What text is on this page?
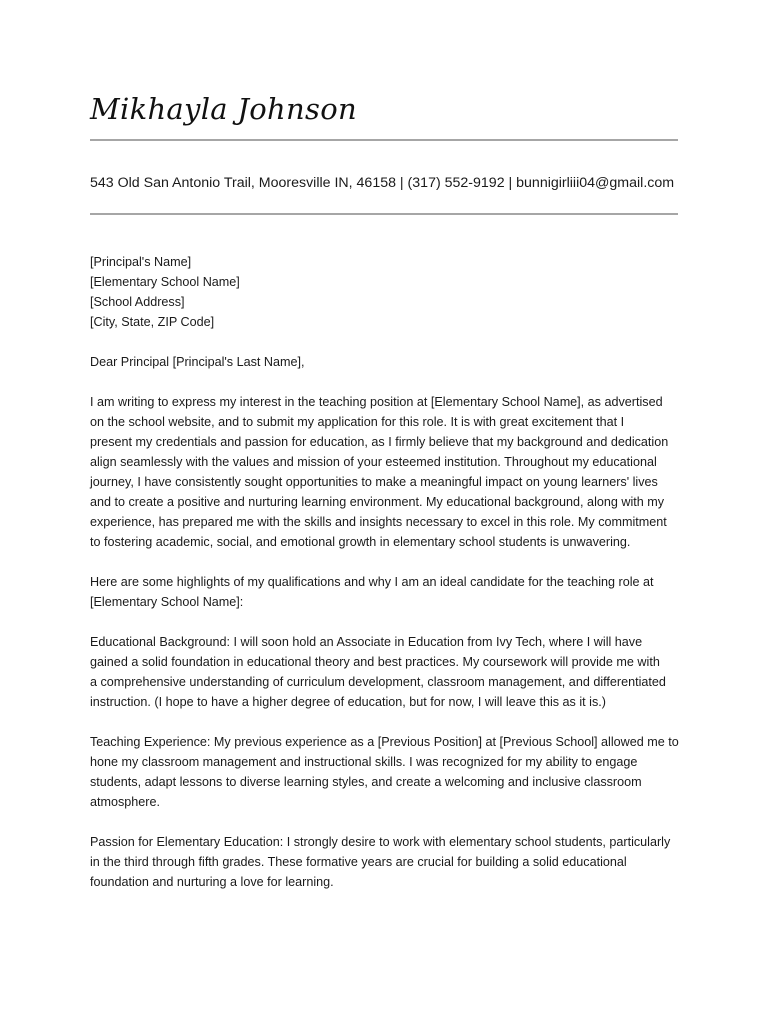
Mikhayla Johnson
543 Old San Antonio Trail, Mooresville IN, 46158 | (317) 552-9192 | bunnigirliii04@gmail.com
[Principal's Name]
[Elementary School Name]
[School Address]
[City, State, ZIP Code]
Dear Principal [Principal's Last Name],
I am writing to express my interest in the teaching position at [Elementary School Name], as advertised
on the school website, and to submit my application for this role. It is with great excitement that I
present my credentials and passion for education, as I firmly believe that my background and dedication
align seamlessly with the values and mission of your esteemed institution. Throughout my educational
journey, I have consistently sought opportunities to make a meaningful impact on young learners' lives
and to create a positive and nurturing learning environment. My educational background, along with my
experience, has prepared me with the skills and insights necessary to excel in this role. My commitment
to fostering academic, social, and emotional growth in elementary school students is unwavering.
Here are some highlights of my qualifications and why I am an ideal candidate for the teaching role at
[Elementary School Name]:
Educational Background: I will soon hold an Associate in Education from Ivy Tech, where I will have
gained a solid foundation in educational theory and best practices. My coursework will provide me with
a comprehensive understanding of curriculum development, classroom management, and differentiated
instruction. (I hope to have a higher degree of education, but for now, I will leave this as it is.)
Teaching Experience: My previous experience as a [Previous Position] at [Previous School] allowed me to
hone my classroom management and instructional skills. I was recognized for my ability to engage
students, adapt lessons to diverse learning styles, and create a welcoming and inclusive classroom
atmosphere.
Passion for Elementary Education: I strongly desire to work with elementary school students, particularly
in the third through fifth grades. These formative years are crucial for building a solid educational
foundation and nurturing a love for learning.
